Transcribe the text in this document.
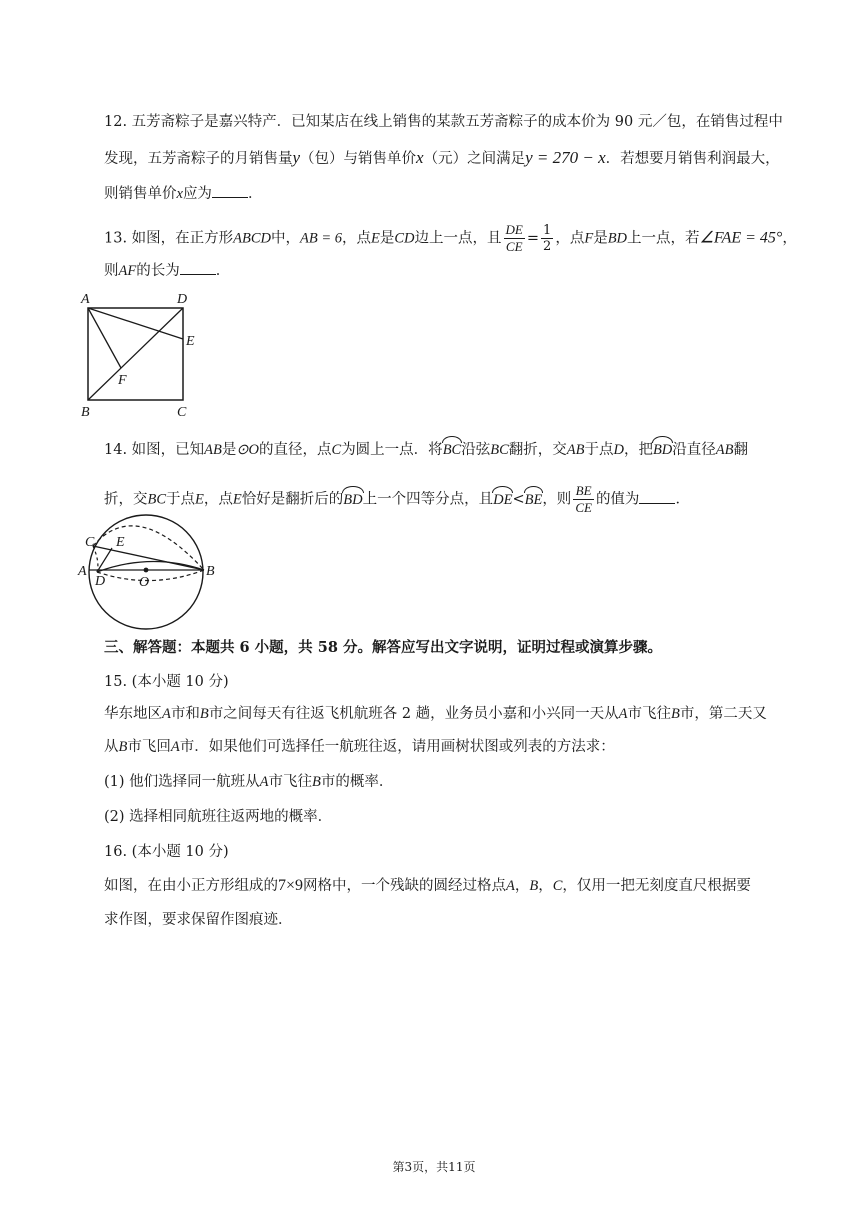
12. 五芳斋粽子是嘉兴特产．已知某店在线上销售的某款五芳斋粽子的成本价为 90 元／包，在销售过程中
发现，五芳斋粽子的月销售量y（包）与销售单价x（元）之间满足y = 270 − x．若想要月销售利润最大，
则销售单价x应为 ．
13. 如图，在正方形ABCD中，AB = 6，点E是CD边上一点，且 $\frac{DE}{CE} = \frac{1}{2}$ ，点F是BD上一点，若∠FAE = 45°，
则AF的长为 ．
A	D
E
F
B	C
14. 如图，已知AB是⊙O的直径，点C为圆上一点．将BC沿弦BC翻折，交AB于点D，把BD沿直径AB翻
折，交BC于点E，点E恰好是翻折后的BD上一个四等分点，且DE<BE，则 $\frac{BE}{CE}$ 的值为 ．
C E
A
D O
B
三、解答题：本题共 6 小题，共 58 分。解答应写出文字说明，证明过程或演算步骤。
15. (本小题 10 分)
华东地区A市和B市之间每天有往返飞机航班各 2 趟，业务员小嘉和小兴同一天从A市飞往B市，第二天又
从B市飞回A市．如果他们可选择任一航班往返，请用画树状图或列表的方法求：
(1) 他们选择同一航班从A市飞往B市的概率．
(2) 选择相同航班往返两地的概率．
16. (本小题 10 分)
如图，在由小正方形组成的7×9网格中，一个残缺的圆经过格点A，B，C，仅用一把无刻度直尺根据要
求作图，要求保留作图痕迹．
第3页，共11页
